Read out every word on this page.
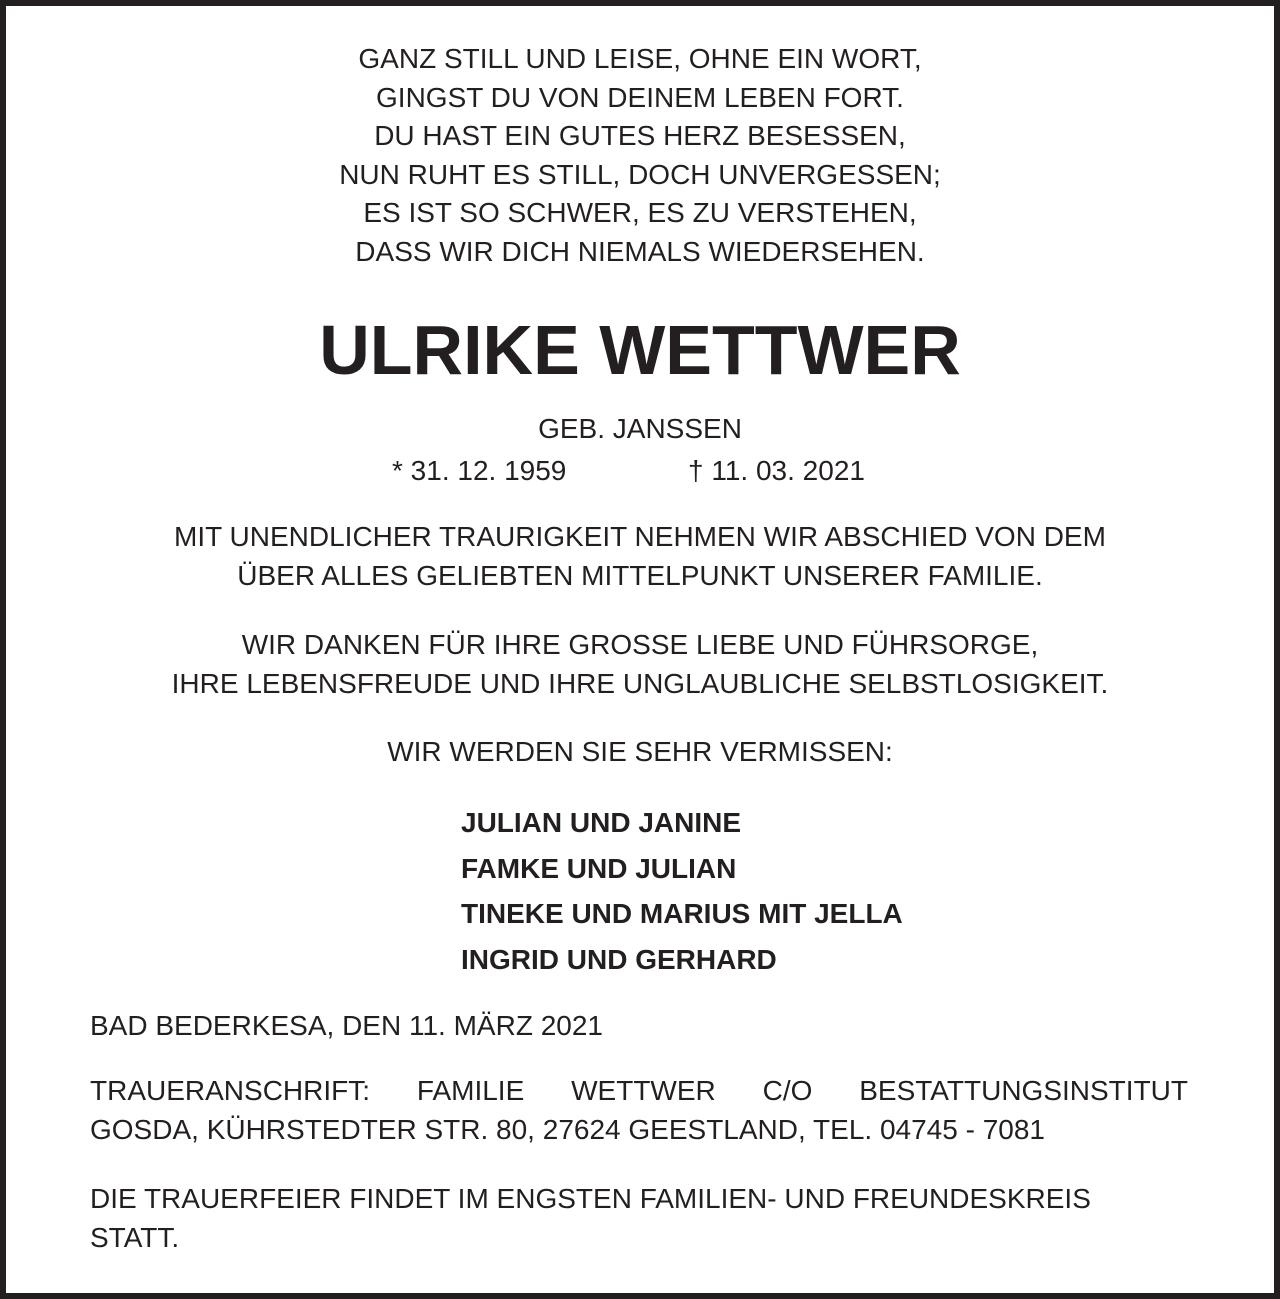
GANZ STILL UND LEISE, OHNE EIN WORT,
GINGST DU VON DEINEM LEBEN FORT.
DU HAST EIN GUTES HERZ BESESSEN,
NUN RUHT ES STILL, DOCH UNVERGESSEN;
ES IST SO SCHWER, ES ZU VERSTEHEN,
DASS WIR DICH NIEMALS WIEDERSEHEN.
ULRIKE WETTWER
GEB. JANSSEN
* 31. 12. 1959	† 11. 03. 2021
MIT UNENDLICHER TRAURIGKEIT NEHMEN WIR ABSCHIED VON DEM
ÜBER ALLES GELIEBTEN MITTELPUNKT UNSERER FAMILIE.
WIR DANKEN FÜR IHRE GROSSE LIEBE UND FÜHRSORGE,
IHRE LEBENSFREUDE UND IHRE UNGLAUBLICHE SELBSTLOSIGKEIT.
WIR WERDEN SIE SEHR VERMISSEN:
JULIAN UND JANINE
FAMKE UND JULIAN
TINEKE UND MARIUS MIT JELLA
INGRID UND GERHARD
BAD BEDERKESA, DEN 11. MÄRZ 2021
TRAUERANSCHRIFT: FAMILIE WETTWER C/O BESTATTUNGSINSTITUT
GOSDA, KÜHRSTEDTER STR. 80, 27624 GEESTLAND, TEL. 04745 - 7081
DIE TRAUERFEIER FINDET IM ENGSTEN FAMILIEN- UND FREUNDESKREIS
STATT.
